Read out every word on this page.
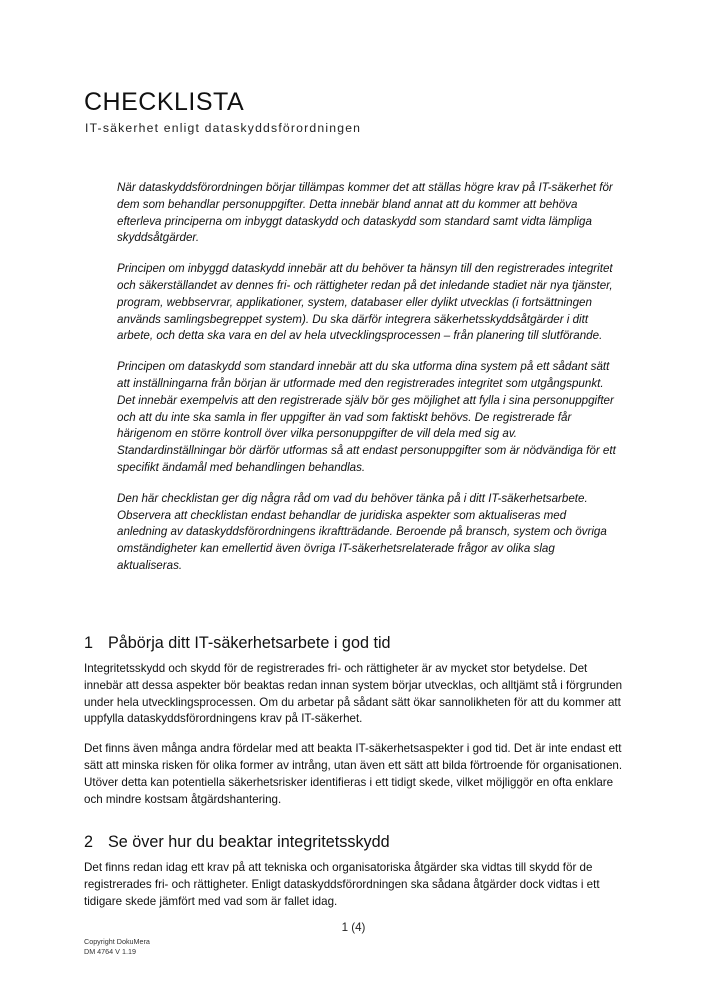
CHECKLISTA
IT-säkerhet enligt dataskyddsförordningen

När dataskyddsförordningen börjar tillämpas kommer det att ställas högre krav på IT-säkerhet för dem som behandlar personuppgifter. Detta innebär bland annat att du kommer att behöva efterleva principerna om inbyggt dataskydd och dataskydd som standard samt vidta lämpliga skyddsåtgärder.

Principen om inbyggd dataskydd innebär att du behöver ta hänsyn till den registrerades integritet och säkerställandet av dennes fri- och rättigheter redan på det inledande stadiet när nya tjänster, program, webbservrar, applikationer, system, databaser eller dylikt utvecklas (i fortsättningen används samlingsbegreppet system). Du ska därför integrera säkerhetsskyddsåtgärder i ditt arbete, och detta ska vara en del av hela utvecklingsprocessen – från planering till slutförande.

Principen om dataskydd som standard innebär att du ska utforma dina system på ett sådant sätt att inställningarna från början är utformade med den registrerades integritet som utgångspunkt. Det innebär exempelvis att den registrerade själv bör ges möjlighet att fylla i sina personuppgifter och att du inte ska samla in fler uppgifter än vad som faktiskt behövs. De registrerade får härigenom en större kontroll över vilka personuppgifter de vill dela med sig av. Standardinställningar bör därför utformas så att endast personuppgifter som är nödvändiga för ett specifikt ändamål med behandlingen behandlas.

Den här checklistan ger dig några råd om vad du behöver tänka på i ditt IT-säkerhetsarbete. Observera att checklistan endast behandlar de juridiska aspekter som aktualiseras med anledning av dataskyddsförordningens ikraftträdande. Beroende på bransch, system och övriga omständigheter kan emellertid även övriga IT-säkerhetsrelaterade frågor av olika slag aktualiseras.

1 Påbörja ditt IT-säkerhetsarbete i god tid

Integritetsskydd och skydd för de registrerades fri- och rättigheter är av mycket stor betydelse. Det innebär att dessa aspekter bör beaktas redan innan system börjar utvecklas, och alltjämt stå i förgrunden under hela utvecklingsprocessen. Om du arbetar på sådant sätt ökar sannolikheten för att du kommer att uppfylla dataskyddsförordningens krav på IT-säkerhet.

Det finns även många andra fördelar med att beakta IT-säkerhetsaspekter i god tid. Det är inte endast ett sätt att minska risken för olika former av intrång, utan även ett sätt att bilda förtroende för organisationen. Utöver detta kan potentiella säkerhetsrisker identifieras i ett tidigt skede, vilket möjliggör en ofta enklare och mindre kostsam åtgärdshantering.

2 Se över hur du beaktar integritetsskydd

Det finns redan idag ett krav på att tekniska och organisatoriska åtgärder ska vidtas till skydd för de registrerades fri- och rättigheter. Enligt dataskyddsförordningen ska sådana åtgärder dock vidtas i ett tidigare skede jämfört med vad som är fallet idag.

1 (4)
Copyright DokuMera
DM 4764 V 1.19
